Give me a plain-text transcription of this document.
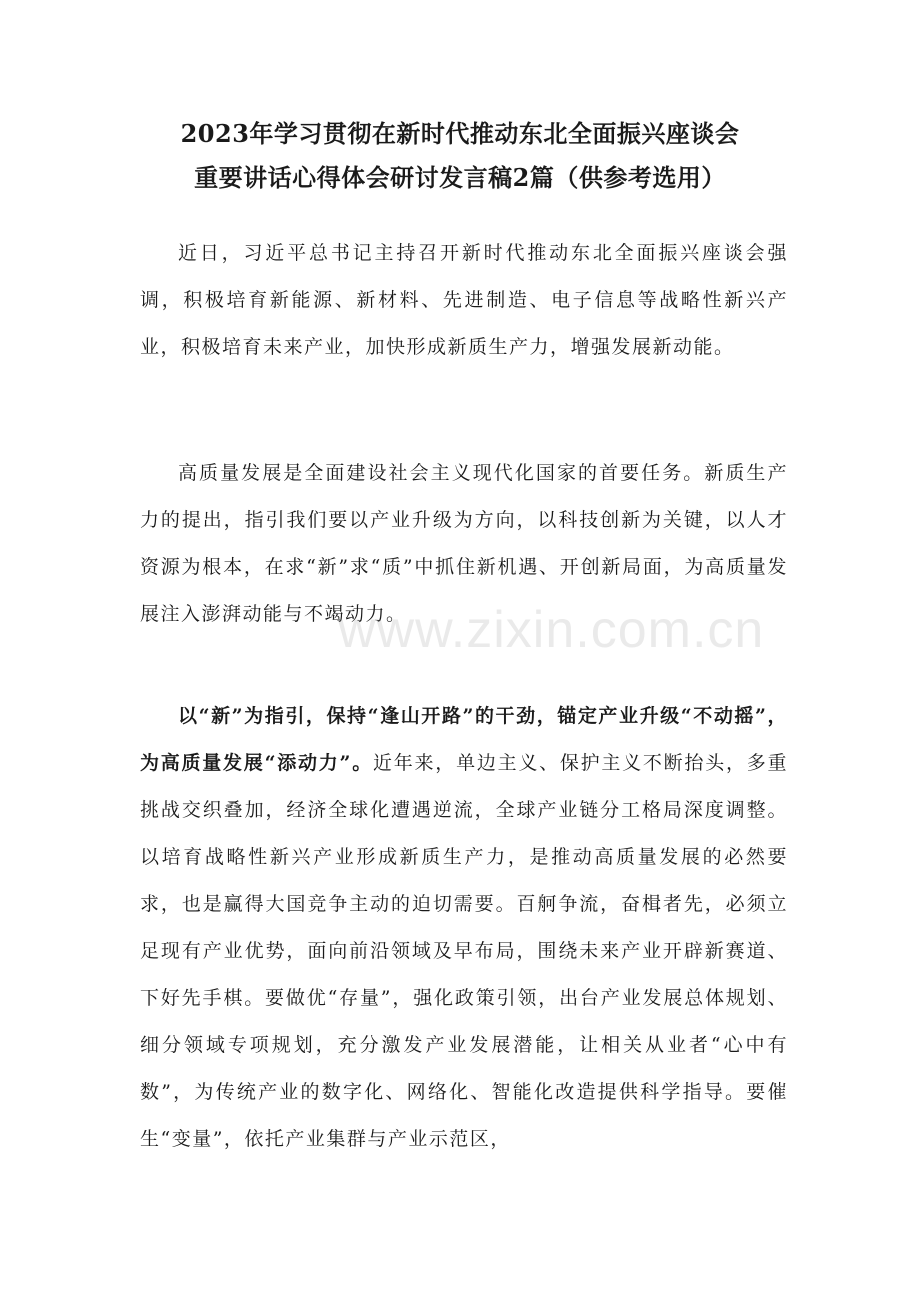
2023年学习贯彻在新时代推动东北全面振兴座谈会
重要讲话心得体会研讨发言稿2篇（供参考选用）

近日，习近平总书记主持召开新时代推动东北全面振兴座谈会强调，积极培育新能源、新材料、先进制造、电子信息等战略性新兴产业，积极培育未来产业，加快形成新质生产力，增强发展新动能。

高质量发展是全面建设社会主义现代化国家的首要任务。新质生产力的提出，指引我们要以产业升级为方向，以科技创新为关键，以人才资源为根本，在求“新”求“质”中抓住新机遇、开创新局面，为高质量发展注入澎湃动能与不竭动力。

以“新”为指引，保持“逢山开路”的干劲，锚定产业升级“不动摇”，为高质量发展“添动力”。近年来，单边主义、保护主义不断抬头，多重挑战交织叠加，经济全球化遭遇逆流，全球产业链分工格局深度调整。以培育战略性新兴产业形成新质生产力，是推动高质量发展的必然要求，也是赢得大国竞争主动的迫切需要。百舸争流，奋楫者先，必须立足现有产业优势，面向前沿领域及早布局，围绕未来产业开辟新赛道、下好先手棋。要做优“存量”，强化政策引领，出台产业发展总体规划、细分领域专项规划，充分激发产业发展潜能，让相关从业者“心中有数”，为传统产业的数字化、网络化、智能化改造提供科学指导。要催生“变量”，依托产业集群与产业示范区，

www.zixin.com.cn
